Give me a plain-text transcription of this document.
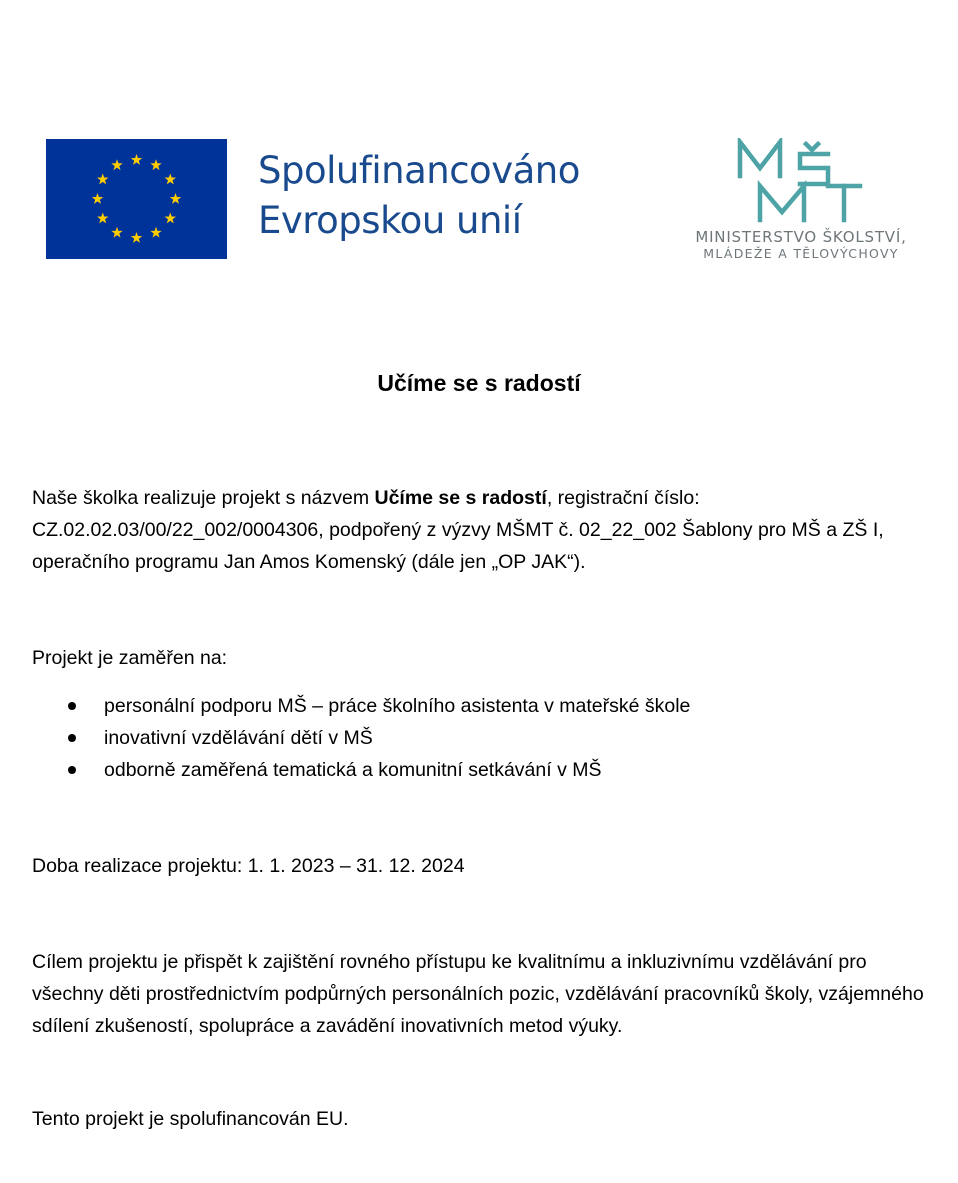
Spolufinancováno
Evropskou unií	MINISTERSTVO ŠKOLSTVÍ,
MLÁDEŽE A TĚLOVÝCHOVY
Učíme se s radostí
Naše školka realizuje projekt s názvem Učíme se s radostí, registrační číslo: CZ.02.02.03/00/22_002/0004306, podpořený z výzvy MŠMT č. 02_22_002 Šablony pro MŠ a ZŠ I, operačního programu Jan Amos Komenský (dále jen „OP JAK“).
Projekt je zaměřen na:
personální podporu MŠ – práce školního asistenta v mateřské škole
inovativní vzdělávání dětí v MŠ
odborně zaměřená tematická a komunitní setkávání v MŠ
Doba realizace projektu: 1. 1. 2023 – 31. 12. 2024
Cílem projektu je přispět k zajištění rovného přístupu ke kvalitnímu a inkluzivnímu vzdělávání pro všechny děti prostřednictvím podpůrných personálních pozic, vzdělávání pracovníků školy, vzájemného sdílení zkušeností, spolupráce a zavádění inovativních metod výuky.
Tento projekt je spolufinancován EU.
